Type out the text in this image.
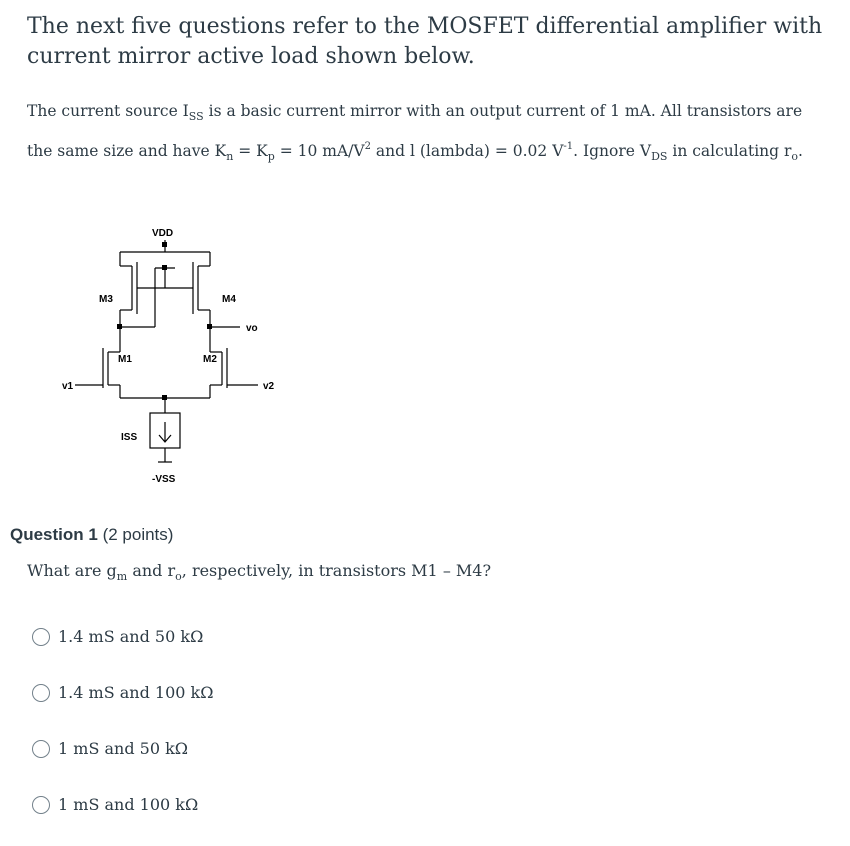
The next five questions refer to the MOSFET differential amplifier with current mirror active load shown below.
The current source $I_{SS}$ is a basic current mirror with an output current of 1 mA. All transistors are the same size and have $K_n = K_p = 10$ $mA/V^2$ and l (lambda) = 0.02 $V^{-1}$. Ignore $V_{DS}$ in calculating $r_o$.
VDD
M3	M4
vo
M1	M2
v1	v2
ISS
-VSS
Question 1 (2 points)
What are $g_m$ and $r_o$, respectively, in transistors M1 – M4?
1.4 mS and 50 kΩ
1.4 mS and 100 kΩ
1 mS and 50 kΩ
1 mS and 100 kΩ
